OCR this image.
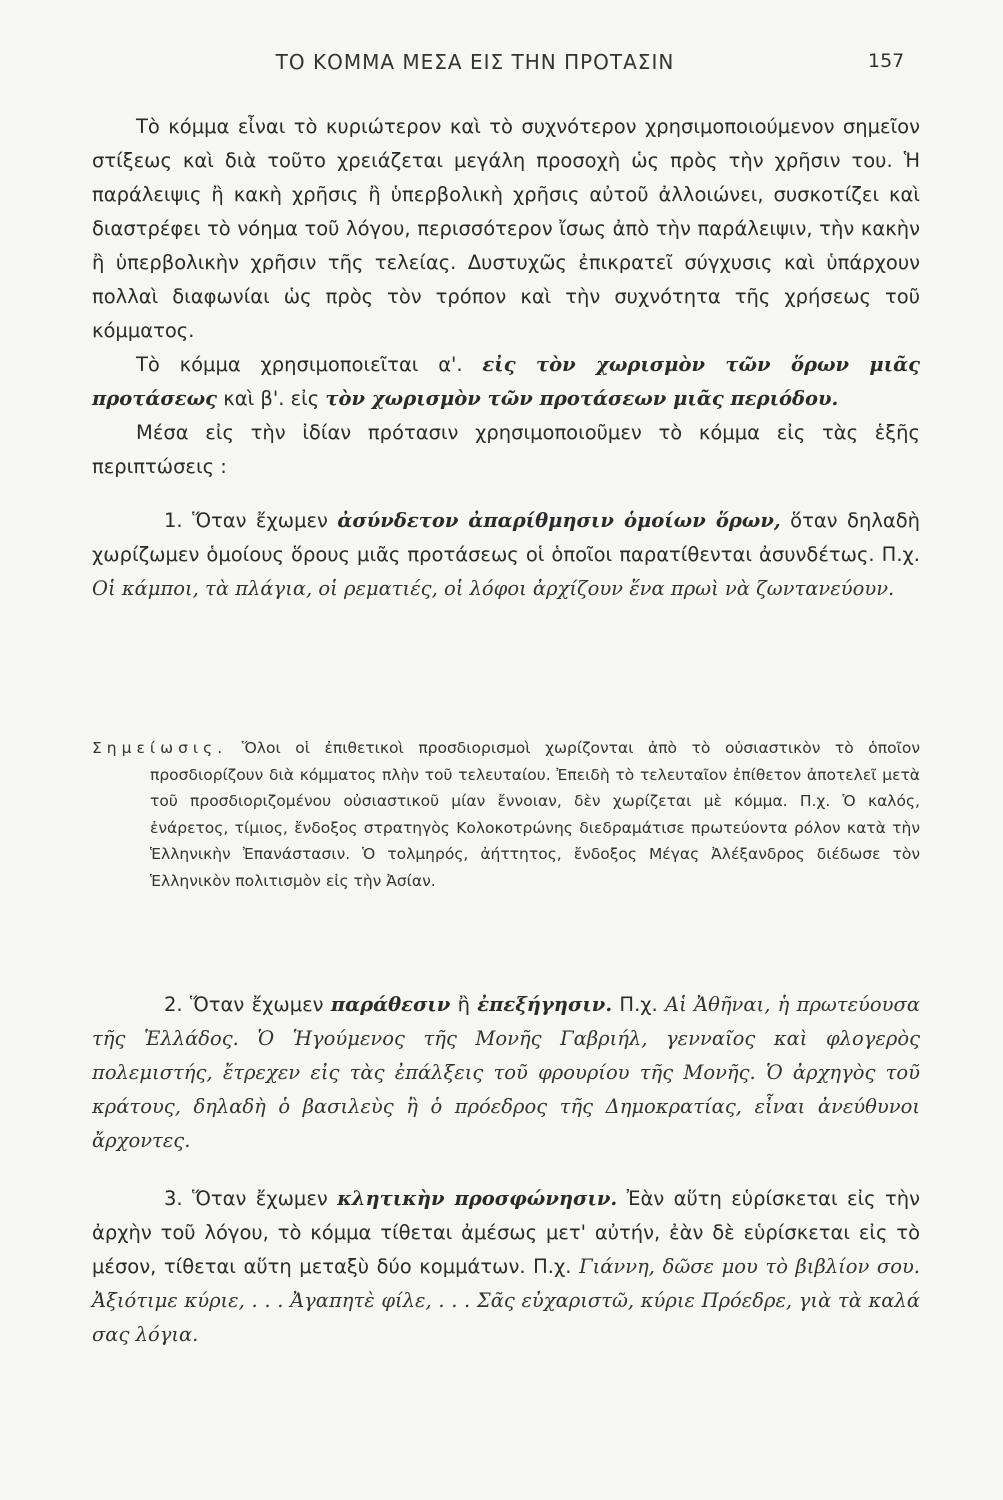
ΤΟ ΚΟΜΜΑ ΜΕΣΑ ΕΙΣ ΤΗΝ ΠΡΟΤΑΣΙΝ	157

Τὸ κόμμα εἶναι τὸ κυριώτερον καὶ τὸ συχνότερον χρησιμοποιούμενον σημεῖον στίξεως καὶ διὰ τοῦτο χρειάζεται μεγάλη προσοχὴ ὡς πρὸς τὴν χρῆσιν του. Ἡ παράλειψις ἢ κακὴ χρῆσις ἢ ὑπερβολικὴ χρῆσις αὐτοῦ ἀλλοιώνει, συσκοτίζει καὶ διαστρέφει τὸ νόημα τοῦ λόγου, περισσότερον ἴσως ἀπὸ τὴν παράλειψιν, τὴν κακὴν ἢ ὑπερβολικὴν χρῆσιν τῆς τελείας. Δυστυχῶς ἐπικρατεῖ σύγχυσις καὶ ὑπάρχουν πολλαὶ διαφωνίαι ὡς πρὸς τὸν τρόπον καὶ τὴν συχνότητα τῆς χρήσεως τοῦ κόμματος.

Τὸ κόμμα χρησιμοποιεῖται α'. εἰς τὸν χωρισμὸν τῶν ὅρων μιᾶς προτάσεως καὶ β'. εἰς τὸν χωρισμὸν τῶν προτάσεων μιᾶς περιόδου.

Μέσα εἰς τὴν ἰδίαν πρότασιν χρησιμοποιοῦμεν τὸ κόμμα εἰς τὰς ἑξῆς περιπτώσεις :

1. Ὅταν ἔχωμεν ἀσύνδετον ἀπαρίθμησιν ὁμοίων ὅρων, ὅταν δηλαδὴ χωρίζωμεν ὁμοίους ὅρους μιᾶς προτάσεως οἱ ὁποῖοι παρατίθενται ἀσυνδέτως. Π.χ. Οἱ κάμποι, τὰ πλάγια, οἱ ρεματιές, οἱ λόφοι ἀρχίζουν ἕνα πρωὶ νὰ ζωντανεύουν.

Σημείωσις. Ὅλοι οἱ ἐπιθετικοὶ προσδιορισμοὶ χωρίζονται ἀπὸ τὸ οὐσιαστικὸν τὸ ὁποῖον προσδιορίζουν διὰ κόμματος πλὴν τοῦ τελευταίου. Ἐπειδὴ τὸ τελευταῖον ἐπίθετον ἀποτελεῖ μετὰ τοῦ προσδιοριζομένου οὐσιαστικοῦ μίαν ἔννοιαν, δὲν χωρίζεται μὲ κόμμα. Π.χ. Ὁ καλός, ἐνάρετος, τίμιος, ἔνδοξος στρατηγὸς Κολοκοτρώνης διεδραμάτισε πρωτεύοντα ρόλον κατὰ τὴν Ἑλληνικὴν Ἐπανάστασιν. Ὁ τολμηρός, ἀήττητος, ἔνδοξος Μέγας Ἀλέξανδρος διέδωσε τὸν Ἑλληνικὸν πολιτισμὸν εἰς τὴν Ἀσίαν.

2. Ὅταν ἔχωμεν παράθεσιν ἢ ἐπεξήγησιν. Π.χ. Αἱ Ἀθῆναι, ἡ πρωτεύουσα τῆς Ἑλλάδος. Ὁ Ἡγούμενος τῆς Μονῆς Γαβριήλ, γενναῖος καὶ φλογερὸς πολεμιστής, ἔτρεχεν εἰς τὰς ἐπάλξεις τοῦ φρουρίου τῆς Μονῆς. Ὁ ἀρχηγὸς τοῦ κράτους, δηλαδὴ ὁ βασιλεὺς ἢ ὁ πρόεδρος τῆς Δημοκρατίας, εἶναι ἀνεύθυνοι ἄρχοντες.

3. Ὅταν ἔχωμεν κλητικὴν προσφώνησιν. Ἐὰν αὕτη εὑρίσκεται εἰς τὴν ἀρχὴν τοῦ λόγου, τὸ κόμμα τίθεται ἀμέσως μετ' αὐτήν, ἐὰν δὲ εὑρίσκεται εἰς τὸ μέσον, τίθεται αὕτη μεταξὺ δύο κομμάτων. Π.χ. Γιάννη, δῶσε μου τὸ βιβλίον σου. Ἀξιότιμε κύριε, . . . Ἀγαπητὲ φίλε, . . . Σᾶς εὐχαριστῶ, κύριε Πρόεδρε, γιὰ τὰ καλά σας λόγια.
